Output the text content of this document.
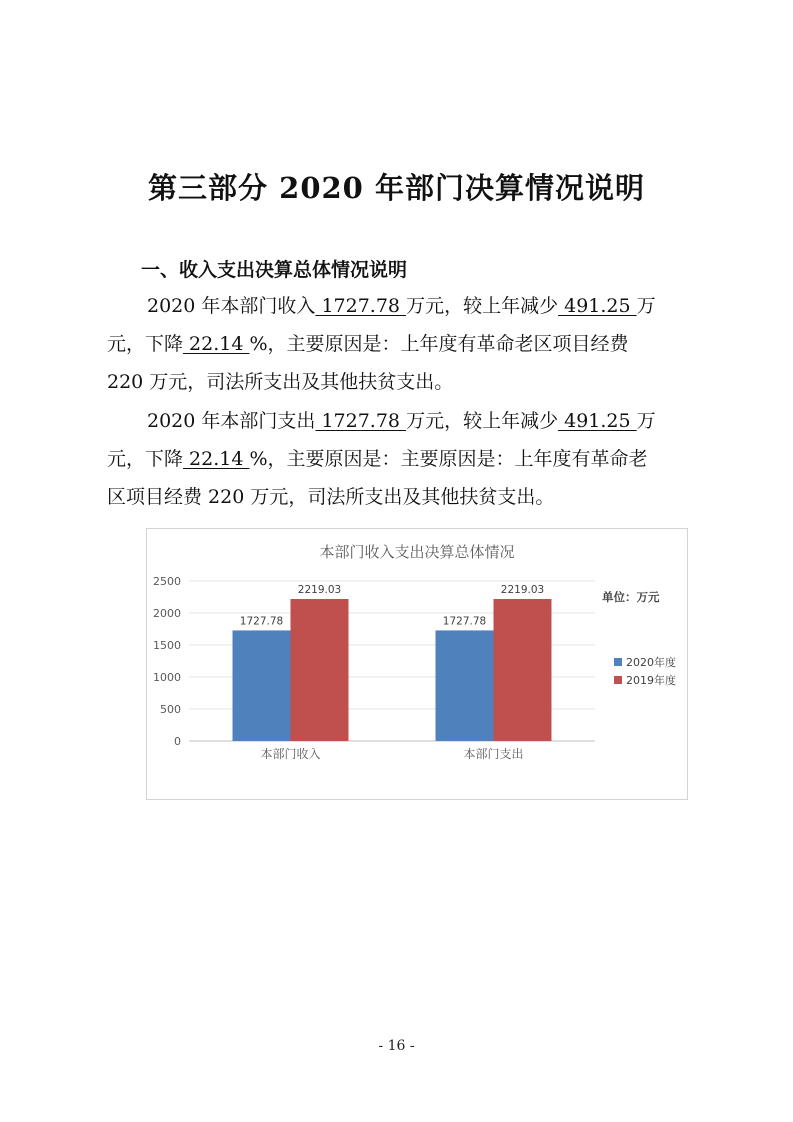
第三部分 2020 年部门决算情况说明
一、收入支出决算总体情况说明
2020 年本部门收入 1727.78 万元，较上年减少 491.25 万
元，下降 22.14 %，主要原因是：上年度有革命老区项目经费
220 万元，司法所支出及其他扶贫支出。
2020 年本部门支出 1727.78 万元，较上年减少 491.25 万
元，下降 22.14 %，主要原因是：主要原因是：上年度有革命老
区项目经费 220 万元，司法所支出及其他扶贫支出。
本部门收入支出决算总体情况
0
500
1000
1500
2000
2500
1727.78
2219.03
本部门收入
1727.78
2219.03
本部门支出
单位：万元
2020年度
2019年度
- 16 -
